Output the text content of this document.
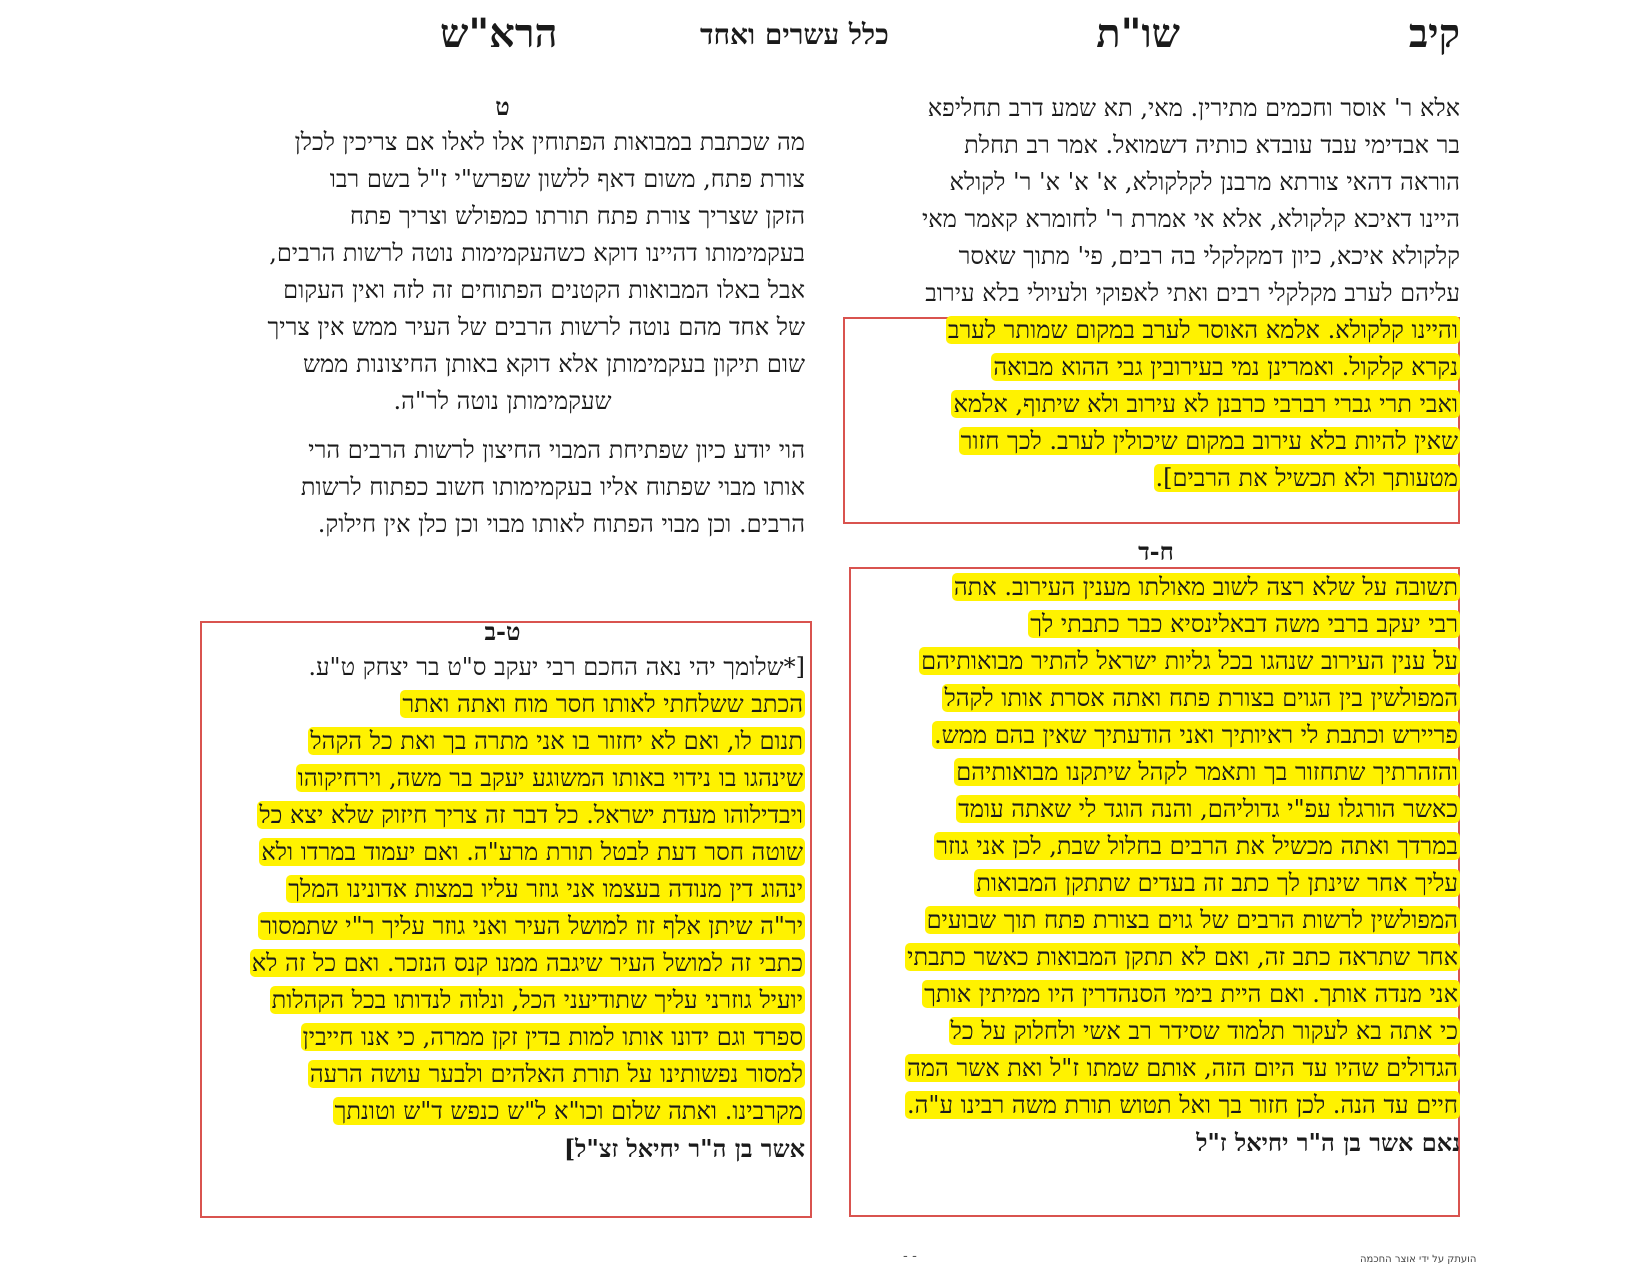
קיב
שו"ת
כלל עשרים ואחד
הרא"ש
אלא ר' אוסר וחכמים מתירין. מאי, תא שמע דרב תחליפא
בר אבדימי עבד עובדא כותיה דשמואל. אמר רב תחלת
הוראה דהאי צורתא מרבנן לקלקולא, א' א' א' ר' לקולא
היינו דאיכא קלקולא, אלא אי אמרת ר' לחומרא קאמר מאי
קלקולא איכא, כיון דמקלקלי בה רבים, פי' מתוך שאסר
עליהם לערב מקלקלי רבים ואתי לאפוקי ולעיולי בלא עירוב
והיינו קלקולא. אלמא האוסר לערב במקום שמותר לערב
נקרא קלקול. ואמרינן נמי בעירובין גבי ההוא מבואה
ואבי תרי גברי רברבי כרבנן לא עירוב ולא שיתוף, אלמא
שאין להיות בלא עירוב במקום שיכולין לערב. לכך חזור
מטעותך ולא תכשיל את הרבים].
ח-ד
תשובה על שלא רצה לשוב מאולתו מענין העירוב. אתה
רבי יעקב ברבי משה דבאלינסיא כבר כתבתי לך
על ענין העירוב שנהגו בכל גליות ישראל להתיר מבואותיהם
המפולשין בין הגוים בצורת פתח ואתה אסרת אותו לקהל
פריירש וכתבת לי ראיותיך ואני הודעתיך שאין בהם ממש.
והזהרתיך שתחזור בך ותאמר לקהל שיתקנו מבואותיהם
כאשר הורגלו עפ"י גדוליהם, והנה הוגד לי שאתה עומד
במרדך ואתה מכשיל את הרבים בחלול שבת, לכן אני גוזר
עליך אחר שינתן לך כתב זה בעדים שתתקן המבואות
המפולשין לרשות הרבים של גוים בצורת פתח תוך שבועים
אחר שתראה כתב זה, ואם לא תתקן המבואות כאשר כתבתי
אני מנדה אותך. ואם היית בימי הסנהדרין היו ממיתין אותך
כי אתה בא לעקור תלמוד שסידר רב אשי ולחלוק על כל
הגדולים שהיו עד היום הזה, אותם שמתו ז"ל ואת אשר המה
חיים עד הנה. לכן חזור בך ואל תטוש תורת משה רבינו ע"ה.
נאם אשר בן ה"ר יחיאל ז"ל
ט
מה שכתבת במבואות הפתוחין אלו לאלו אם צריכין לכלן
צורת פתח, משום דאף ללשון שפרש"י ז"ל בשם רבו
הזקן שצריך צורת פתח תורתו כמפולש וצריך פתח
בעקמימותו דהיינו דוקא כשהעקמימות נוטה לרשות הרבים,
אבל באלו המבואות הקטנים הפתוחים זה לזה ואין העקום
של אחד מהם נוטה לרשות הרבים של העיר ממש אין צריך
שום תיקון בעקמימותן אלא דוקא באותן החיצונות ממש
שעקמימותן נוטה לר"ה.
הוי יודע כיון שפתיחת המבוי החיצון לרשות הרבים הרי
אותו מבוי שפתוח אליו בעקמימותו חשוב כפתוח לרשות
הרבים. וכן מבוי הפתוח לאותו מבוי וכן כלן אין חילוק.
ט-ב
[*שלומך יהי נאה החכם רבי יעקב ס"ט בר יצחק ט"ע.
הכתב ששלחתי לאותו חסר מוח ואתה ואתר
תנום לו, ואם לא יחזור בו אני מתרה בך ואת כל הקהל
שינהגו בו נידוי באותו המשוגע יעקב בר משה, וירחיקוהו
ויבדילוהו מעדת ישראל. כל דבר זה צריך חיזוק שלא יצא כל
שוטה חסר דעת לבטל תורת מרע"ה. ואם יעמוד במרדו ולא
ינהוג דין מנודה בעצמו אני גוזר עליו במצות אדונינו המלך
יר"ה שיתן אלף זוז למושל העיר ואני גוזר עליך ר"י שתמסור
כתבי זה למושל העיר שיגבה ממנו קנס הנזכר. ואם כל זה לא
יועיל גוזרני עליך שתודיעני הכל, ונלוה לנדותו בכל הקהלות
ספרד וגם ידונו אותו למות בדין זקן ממרה, כי אנו חייבין
למסור נפשותינו על תורת האלהים ולבער עושה הרעה
מקרבינו. ואתה שלום וכו"א ל"ש כנפש ד"ש וטונתך
אשר בן ה"ר יחיאל זצ"ל]
- -	הועתק על ידי אוצר החכמה
